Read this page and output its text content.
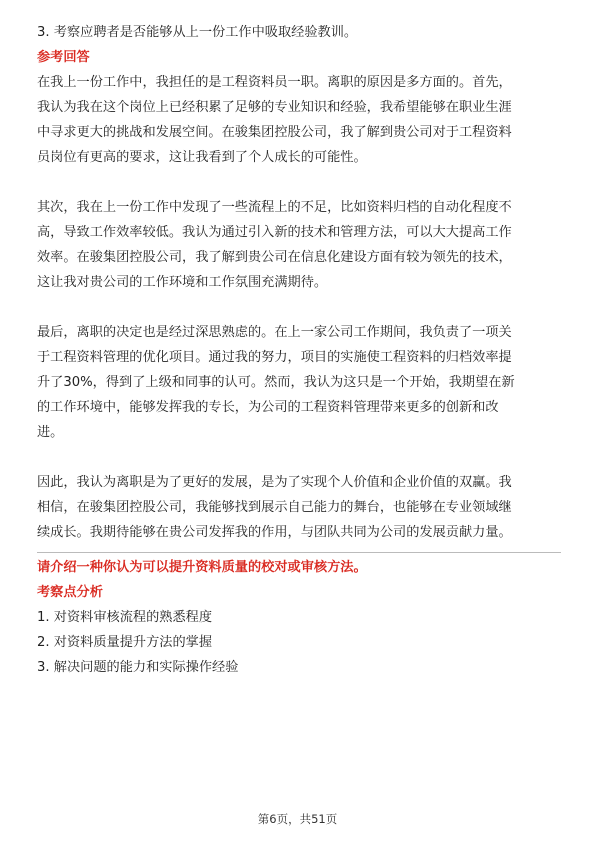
3. 考察应聘者是否能够从上一份工作中吸取经验教训。

参考回答

在我上一份工作中，我担任的是工程资料员一职。离职的原因是多方面的。首先，

我认为我在这个岗位上已经积累了足够的专业知识和经验，我希望能够在职业生涯

中寻求更大的挑战和发展空间。在骏集团控股公司，我了解到贵公司对于工程资料

员岗位有更高的要求，这让我看到了个人成长的可能性。

其次，我在上一份工作中发现了一些流程上的不足，比如资料归档的自动化程度不

高，导致工作效率较低。我认为通过引入新的技术和管理方法，可以大大提高工作

效率。在骏集团控股公司，我了解到贵公司在信息化建设方面有较为领先的技术，

这让我对贵公司的工作环境和工作氛围充满期待。

最后，离职的决定也是经过深思熟虑的。在上一家公司工作期间，我负责了一项关

于工程资料管理的优化项目。通过我的努力，项目的实施使工程资料的归档效率提

升了30%，得到了上级和同事的认可。然而，我认为这只是一个开始，我期望在新

的工作环境中，能够发挥我的专长，为公司的工程资料管理带来更多的创新和改

进。

因此，我认为离职是为了更好的发展，是为了实现个人价值和企业价值的双赢。我

相信，在骏集团控股公司，我能够找到展示自己能力的舞台，也能够在专业领域继

续成长。我期待能够在贵公司发挥我的作用，与团队共同为公司的发展贡献力量。

请介绍一种你认为可以提升资料质量的校对或审核方法。

考察点分析

1. 对资料审核流程的熟悉程度

2. 对资料质量提升方法的掌握

3. 解决问题的能力和实际操作经验

第6页，共51页
